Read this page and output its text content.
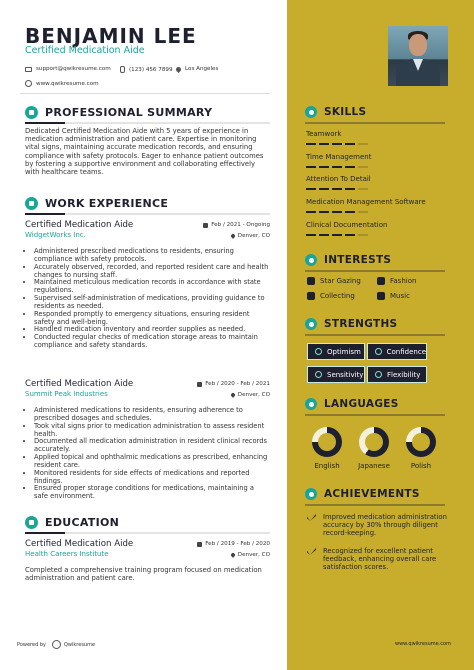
BENJAMIN LEE
Certified Medication Aide
support@qwikresume.com	(123) 456 7899 Los Angeles
www.qwikresume.com
PROFESSIONAL SUMMARY
Dedicated Certified Medication Aide with 5 years of experience in medication administration and patient care. Expertise in monitoring vital signs, maintaining accurate medication records, and ensuring compliance with safety protocols. Eager to enhance patient outcomes by fostering a supportive environment and collaborating effectively with healthcare teams.
WORK EXPERIENCE
Certified Medication Aide
WidgetWorks Inc.
Feb / 2021 - Ongoing
Denver, CO
• Administered prescribed medications to residents, ensuring compliance with safety protocols.
• Accurately observed, recorded, and reported resident care and health changes to nursing staff.
• Maintained meticulous medication records in accordance with state regulations.
• Supervised self-administration of medications, providing guidance to residents as needed.
• Responded promptly to emergency situations, ensuring resident safety and well-being.
• Handled medication inventory and reorder supplies as needed.
• Conducted regular checks of medication storage areas to maintain compliance and safety standards.
Certified Medication Aide
Summit Peak Industries
Feb / 2020 - Feb / 2021
Denver, CO
• Administered medications to residents, ensuring adherence to prescribed dosages and schedules.
• Took vital signs prior to medication administration to assess resident health.
• Documented all medication administration in resident clinical records accurately.
• Applied topical and ophthalmic medications as prescribed, enhancing resident care.
• Monitored residents for side effects of medications and reported findings.
• Ensured proper storage conditions for medications, maintaining a safe environment.
EDUCATION
Certified Medication Aide
Health Careers Institute
Feb / 2019 - Feb / 2020
Denver, CO
Completed a comprehensive training program focused on medication administration and patient care.
Powered by	Qwikresume	www.qwikresume.com
SKILLS
Teamwork
Time Management
Attention To Detail
Medication Management Software
Clinical Documentation
INTERESTS
Star Gazing	Fashion
Collecting	Music
STRENGTHS
Optimism	Confidence
Sensitivity	Flexibility
LANGUAGES
English	Japanese	Polish
ACHIEVEMENTS
Improved medication administration accuracy by 30% through diligent record-keeping.
Recognized for excellent patient feedback, enhancing overall care satisfaction scores.
